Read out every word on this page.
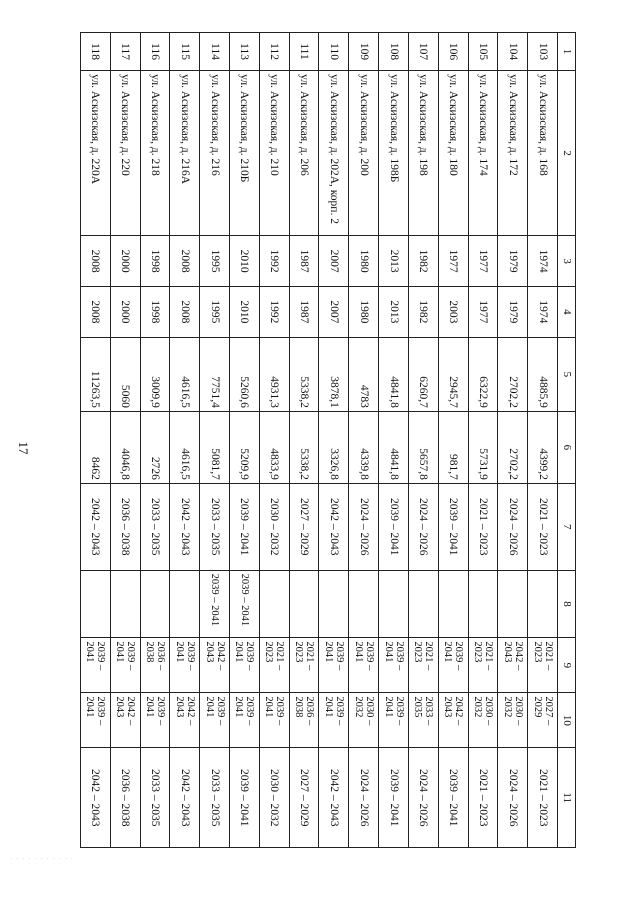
17
1	2	3	4	5	6	7	8	9	10	11
103	ул. Аскизская, д. 168	1974	1974	4885,9	4399,2	2021 – 2023		2021 – 2023	2027 – 2029	2021 – 2023
104	ул. Аскизская, д. 172	1979	1979	2702,2	2702,2	2024 – 2026		2042 – 2043	2030 – 2032	2024 – 2026
105	ул. Аскизская, д. 174	1977	1977	6322,9	5731,9	2021 – 2023		2021 – 2023	2030 – 2032	2021 – 2023
106	ул. Аскизская, д. 180	1977	2003	2945,7	981,7	2039 – 2041		2039 – 2041	2042 – 2043	2039 – 2041
107	ул. Аскизская, д. 198	1982	1982	6260,7	5657,8	2024 – 2026		2021 – 2023	2033 – 2035	2024 – 2026
108	ул. Аскизская, д. 198Б	2013	2013	4841,8	4841,8	2039 – 2041		2039 – 2041	2039 – 2041	2039 – 2041
109	ул. Аскизская, д. 200	1980	1980	4783	4339,8	2024 – 2026		2039 – 2041	2030 – 2032	2024 – 2026
110	ул. Аскизская, д. 202А, корп. 2	2007	2007	3878,1	3326,8	2042 – 2043		2039 – 2041	2039 – 2041	2042 – 2043
111	ул. Аскизская, д. 206	1987	1987	5338,2	5338,2	2027 – 2029		2021 – 2023	2036 – 2038	2027 – 2029
112	ул. Аскизская, д. 210	1992	1992	4931,3	4833,9	2030 – 2032		2021 – 2023	2039 – 2041	2030 – 2032
113	ул. Аскизская, д. 210Б	2010	2010	5260,6	5209,9	2039 – 2041	2039 – 2041	2039 – 2041	2039 – 2041	2039 – 2041
114	ул. Аскизская, д. 216	1995	1995	7751,4	5081,7	2033 – 2035	2039 – 2041	2042 – 2043	2039 – 2041	2033 – 2035
115	ул. Аскизская, д. 216А	2008	2008	4616,5	4616,5	2042 – 2043		2039 – 2041	2042 – 2043	2042 – 2043
116	ул. Аскизская, д. 218	1998	1998	3009,9	2726	2033 – 2035		2036 – 2038	2039 – 2041	2033 – 2035
117	ул. Аскизская, д. 220	2000	2000	5060	4046,8	2036 – 2038		2039 – 2041	2042 – 2043	2036 – 2038
118	ул. Аскизская, д. 220А	2008	2008	11263,5	8462	2042 – 2043		2039 – 2041	2039 – 2041	2042 – 2043
· · · · · · · · · · ·
